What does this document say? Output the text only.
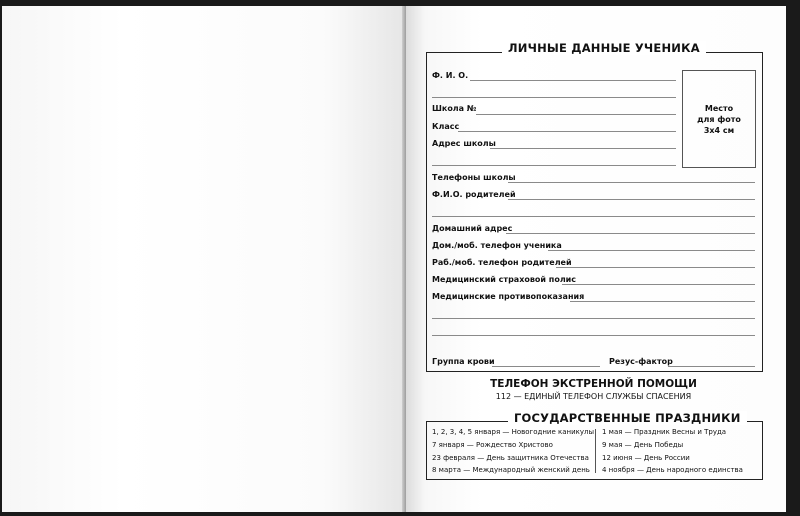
ЛИЧНЫЕ ДАННЫЕ УЧЕНИКА
Ф. И. О.
Школа №
Класс
Адрес школы
Место
для фото
3x4 см
Телефоны школы
Ф.И.О. родителей
Домашний адрес
Дом./моб. телефон ученика
Раб./моб. телефон родителей
Медицинский страховой полис
Медицинские противопоказания
Группа крови	Резус-фактор
ТЕЛЕФОН ЭКСТРЕННОЙ ПОМОЩИ
112 — ЕДИНЫЙ ТЕЛЕФОН СЛУЖБЫ СПАСЕНИЯ
ГОСУДАРСТВЕННЫЕ ПРАЗДНИКИ
1, 2, 3, 4, 5 января — Новогодние каникулы
7 января — Рождество Христово
23 февраля — День защитника Отечества
8 марта — Международный женский день
1 мая — Праздник Весны и Труда
9 мая — День Победы
12 июня — День России
4 ноября — День народного единства
